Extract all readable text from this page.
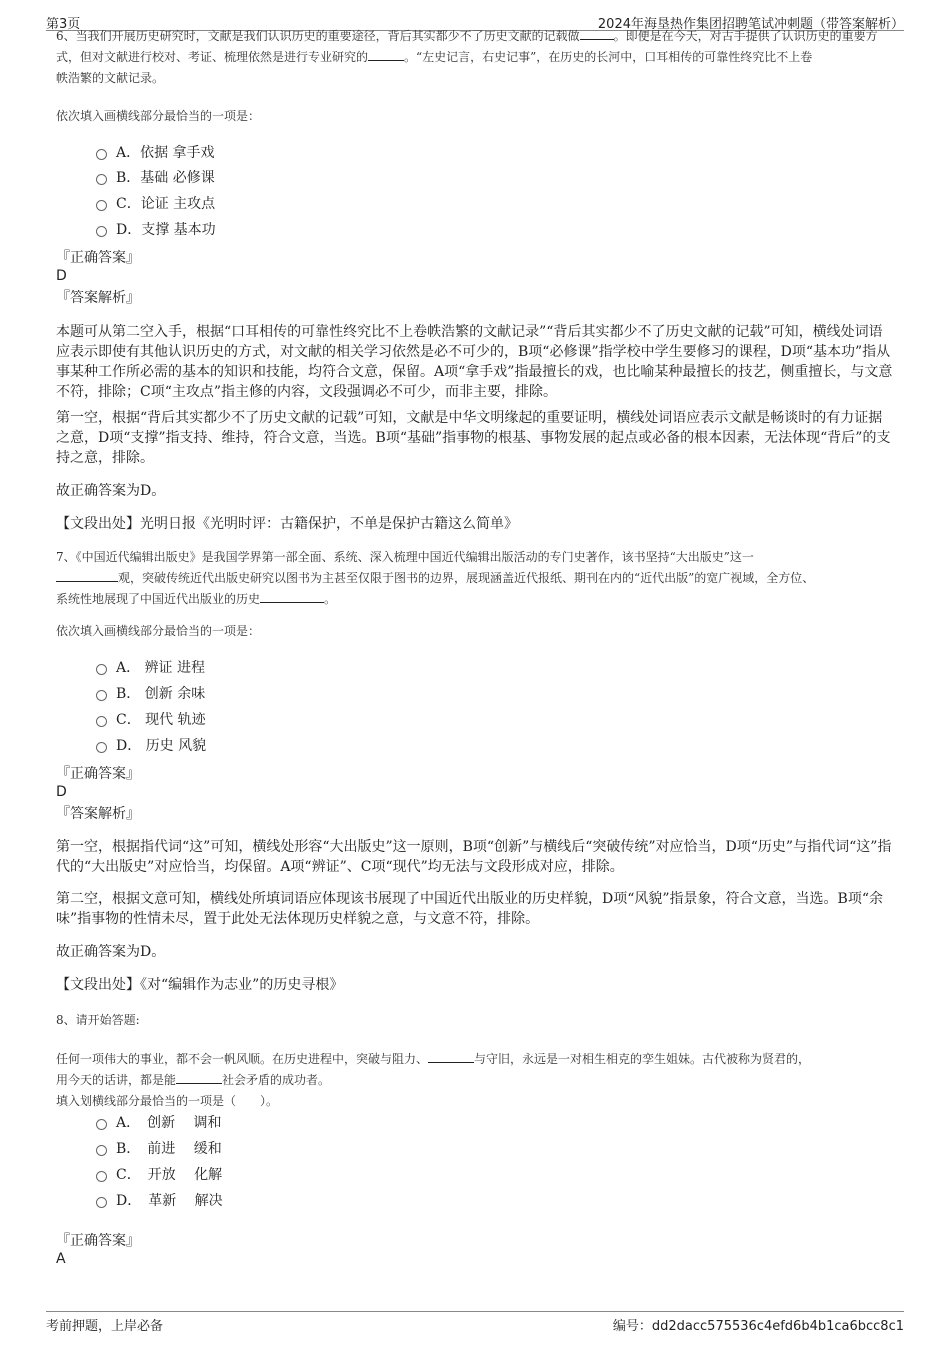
第3页	2024年海垦热作集团招聘笔试冲刺题（带答案解析）
6、当我们开展历史研究时，文献是我们认识历史的重要途径，背后其实都少不了历史文献的记载做	。即便是在今天，对古手提供了认识历史的重要方
式，但对文献进行校对、考证、梳理依然是进行专业研究的	。“左史记言，右史记事”，在历史的长河中，口耳相传的可靠性终究比不上卷
帙浩繁的文献记录。
依次填入画横线部分最恰当的一项是：
A．依据 拿手戏
B．基础 必修课
C．论证 主攻点
D．支撑 基本功
『正确答案』
D
『答案解析』
本题可从第二空入手，根据“口耳相传的可靠性终究比不上卷帙浩繁的文献记录”“背后其实都少不了历史文献的记载”可知，横线处词语应表示即使有其他认识历史的方式，对文献的相关学习依然是必不可少的，B项“必修课”指学校中学生要修习的课程，D项“基本功”指从事某种工作所必需的基本的知识和技能，均符合文意，保留。A项“拿手戏”指最擅长的戏，也比喻某种最擅长的技艺，侧重擅长，与文意不符，排除；C项“主攻点”指主修的内容，文段强调必不可少，而非主要，排除。
第一空，根据“背后其实都少不了历史文献的记载”可知，文献是中华文明缘起的重要证明，横线处词语应表示文献是畅谈时的有力证据之意，D项“支撑”指支持、维持，符合文意，当选。B项“基础”指事物的根基、事物发展的起点或必备的根本因素，无法体现“背后”的支持之意，排除。
故正确答案为D。
【文段出处】光明日报《光明时评：古籍保护，不单是保护古籍这么简单》
7、《中国近代编辑出版史》是我国学界第一部全面、系统、深入梳理中国近代编辑出版活动的专门史著作，该书坚持“大出版史”这一
观，突破传统近代出版史研究以图书为主甚至仅限于图书的边界，展现涵盖近代报纸、期刊在内的“近代出版”的宽广视域，全方位、
系统性地展现了中国近代出版业的历史	。
依次填入画横线部分最恰当的一项是：
A． 辨证 进程
B． 创新 余味
C． 现代 轨迹
D． 历史 风貌
『正确答案』
D
『答案解析』
第一空，根据指代词“这”可知，横线处形容“大出版史”这一原则，B项“创新”与横线后“突破传统”对应恰当，D项“历史”与指代词“这”指代的“大出版史”对应恰当，均保留。A项“辨证”、C项“现代”均无法与文段形成对应，排除。
第二空，根据文意可知，横线处所填词语应体现该书展现了中国近代出版业的历史样貌，D项“风貌”指景象，符合文意，当选。B项“余味”指事物的性情未尽，置于此处无法体现历史样貌之意，与文意不符，排除。
故正确答案为D。
【文段出处】《对“编辑作为志业”的历史寻根》
8、请开始答题:
任何一项伟大的事业，都不会一帆风顺。在历史进程中，突破与阻力、	与守旧，永远是一对相生相克的孪生姐妹。古代被称为贤君的，
用今天的话讲，都是能	社会矛盾的成功者。
填入划横线部分最恰当的一项是（　　）。
A．　创新　 调和
B．　前进　 缓和
C．　开放　 化解
D．　革新　 解决
『正确答案』
A
考前押题，上岸必备	编号：dd2dacc575536c4efd6b4b1ca6bcc8c1
